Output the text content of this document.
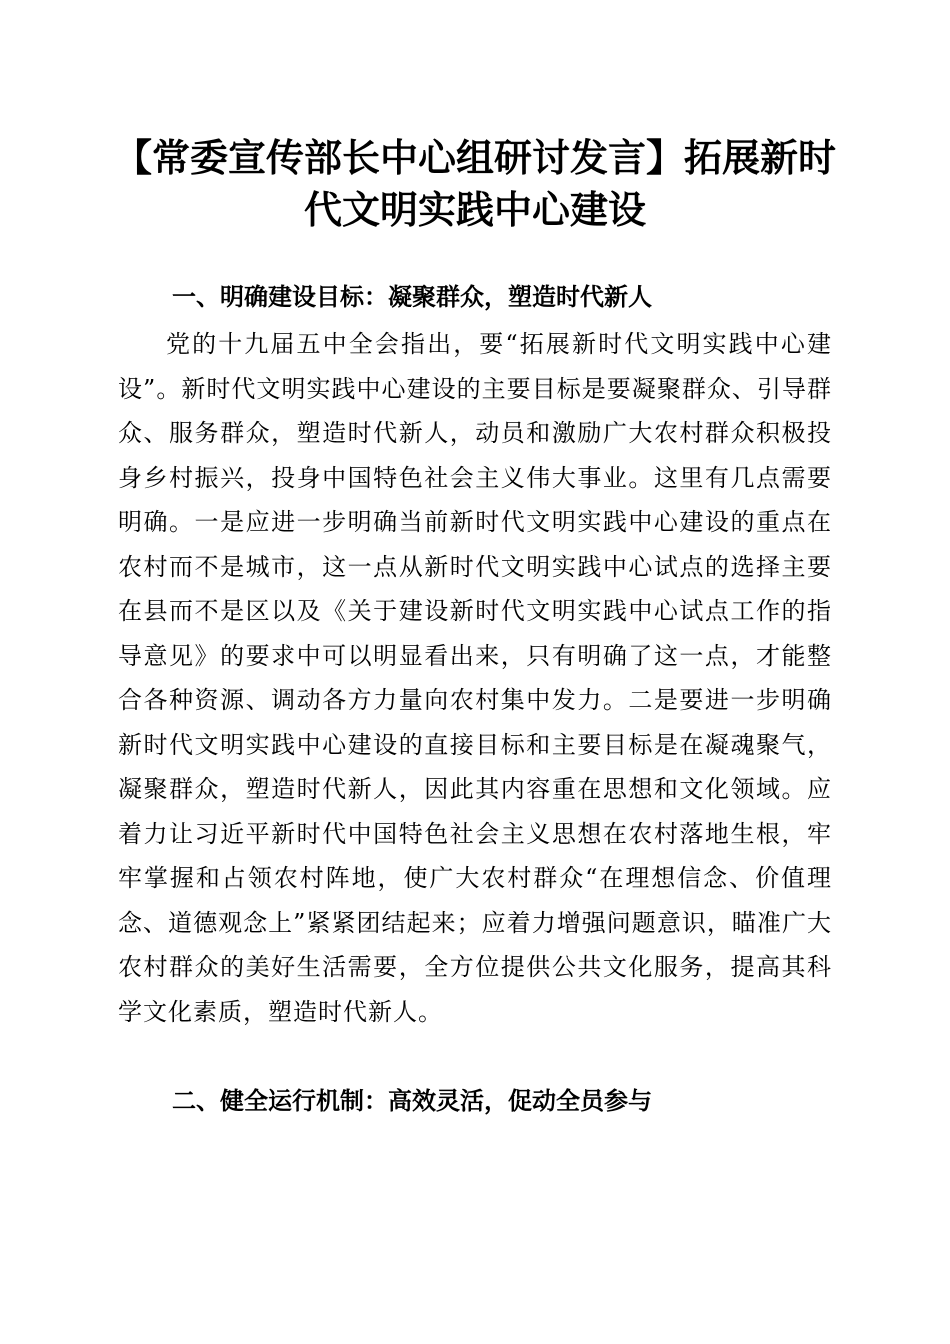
【常委宣传部长中心组研讨发言】拓展新时代文明实践中心建设
一、明确建设目标：凝聚群众，塑造时代新人

党的十九届五中全会指出，要“拓展新时代文明实践中心建设”。新时代文明实践中心建设的主要目标是要凝聚群众、引导群众、服务群众，塑造时代新人，动员和激励广大农村群众积极投身乡村振兴，投身中国特色社会主义伟大事业。这里有几点需要明确。一是应进一步明确当前新时代文明实践中心建设的重点在农村而不是城市，这一点从新时代文明实践中心试点的选择主要在县而不是区以及《关于建设新时代文明实践中心试点工作的指导意见》的要求中可以明显看出来，只有明确了这一点，才能整合各种资源、调动各方力量向农村集中发力。二是要进一步明确新时代文明实践中心建设的直接目标和主要目标是在凝魂聚气，凝聚群众，塑造时代新人，因此其内容重在思想和文化领域。应着力让习近平新时代中国特色社会主义思想在农村落地生根，牢牢掌握和占领农村阵地，使广大农村群众“在理想信念、价值理念、道德观念上”紧紧团结起来；应着力增强问题意识，瞄准广大农村群众的美好生活需要，全方位提供公共文化服务，提高其科学文化素质，塑造时代新人。

二、健全运行机制：高效灵活，促动全员参与
